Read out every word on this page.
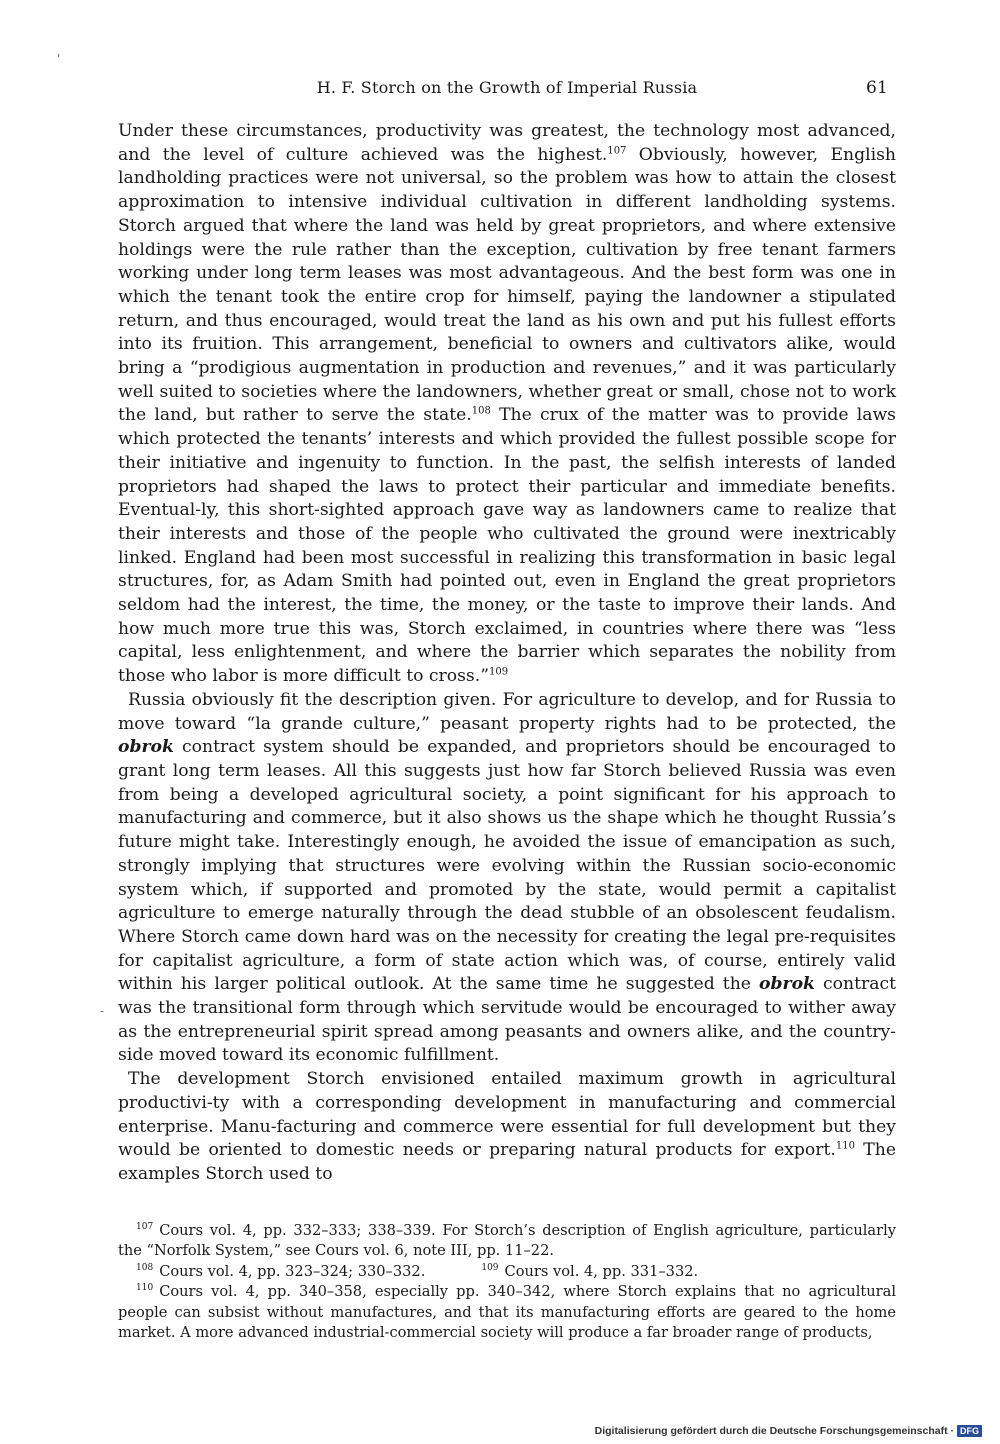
'
-
H. F. Storch on the Growth of Imperial Russia	61

Under these circumstances, productivity was greatest, the technology most advanced, and the level of culture achieved was the highest.$^{107}$ Obviously, however, English landholding practices were not universal, so the problem was how to attain the closest approximation to intensive individual cultivation in different landholding systems. Storch argued that where the land was held by great proprietors, and where extensive holdings were the rule rather than the exception, cultivation by free tenant farmers working under long term leases was most advantageous. And the best form was one in which the tenant took the entire crop for himself, paying the landowner a stipulated return, and thus encouraged, would treat the land as his own and put his fullest efforts into its fruition. This arrangement, beneficial to owners and cultivators alike, would bring a “prodigious augmentation in production and revenues,” and it was particularly well suited to societies where the landowners, whether great or small, chose not to work the land, but rather to serve the state.$^{108}$ The crux of the matter was to provide laws which protected the tenants’ interests and which provided the fullest possible scope for their initiative and ingenuity to function. In the past, the selfish interests of landed proprietors had shaped the laws to protect their particular and immediate benefits. Eventual-ly, this short-sighted approach gave way as landowners came to realize that their interests and those of the people who cultivated the ground were inextricably linked. England had been most successful in realizing this transformation in basic legal structures, for, as Adam Smith had pointed out, even in England the great proprietors seldom had the interest, the time, the money, or the taste to improve their lands. And how much more true this was, Storch exclaimed, in countries where there was “less capital, less enlightenment, and where the barrier which separates the nobility from those who labor is more difficult to cross.”$^{109}$

Russia obviously fit the description given. For agriculture to develop, and for Russia to move toward “la grande culture,” peasant property rights had to be protected, the obrok contract system should be expanded, and proprietors should be encouraged to grant long term leases. All this suggests just how far Storch believed Russia was even from being a developed agricultural society, a point significant for his approach to manufacturing and commerce, but it also shows us the shape which he thought Russia’s future might take. Interestingly enough, he avoided the issue of emancipation as such, strongly implying that structures were evolving within the Russian socio-economic system which, if supported and promoted by the state, would permit a capitalist agriculture to emerge naturally through the dead stubble of an obsolescent feudalism. Where Storch came down hard was on the necessity for creating the legal pre-requisites for capitalist agriculture, a form of state action which was, of course, entirely valid within his larger political outlook. At the same time he suggested the obrok contract was the transitional form through which servitude would be encouraged to wither away as the entrepreneurial spirit spread among peasants and owners alike, and the country-side moved toward its economic fulfillment.

The development Storch envisioned entailed maximum growth in agricultural productivi-ty with a corresponding development in manufacturing and commercial enterprise. Manu-facturing and commerce were essential for full development but they would be oriented to domestic needs or preparing natural products for export.$^{110}$ The examples Storch used to

$^{107}$ Cours vol. 4, pp. 332–333; 338–339. For Storch’s description of English agriculture, particularly the “Norfolk System,” see Cours vol. 6, note III, pp. 11–22.

$^{108}$ Cours vol. 4, pp. 323–324; 330–332.	$^{109}$ Cours vol. 4, pp. 331–332.

$^{110}$ Cours vol. 4, pp. 340–358, especially pp. 340–342, where Storch explains that no agricultural people can subsist without manufactures, and that its manufacturing efforts are geared to the home market. A more advanced industrial-commercial society will produce a far broader range of products,

Digitalisierung gefördert durch die Deutsche Forschungsgemeinschaft · DFG
